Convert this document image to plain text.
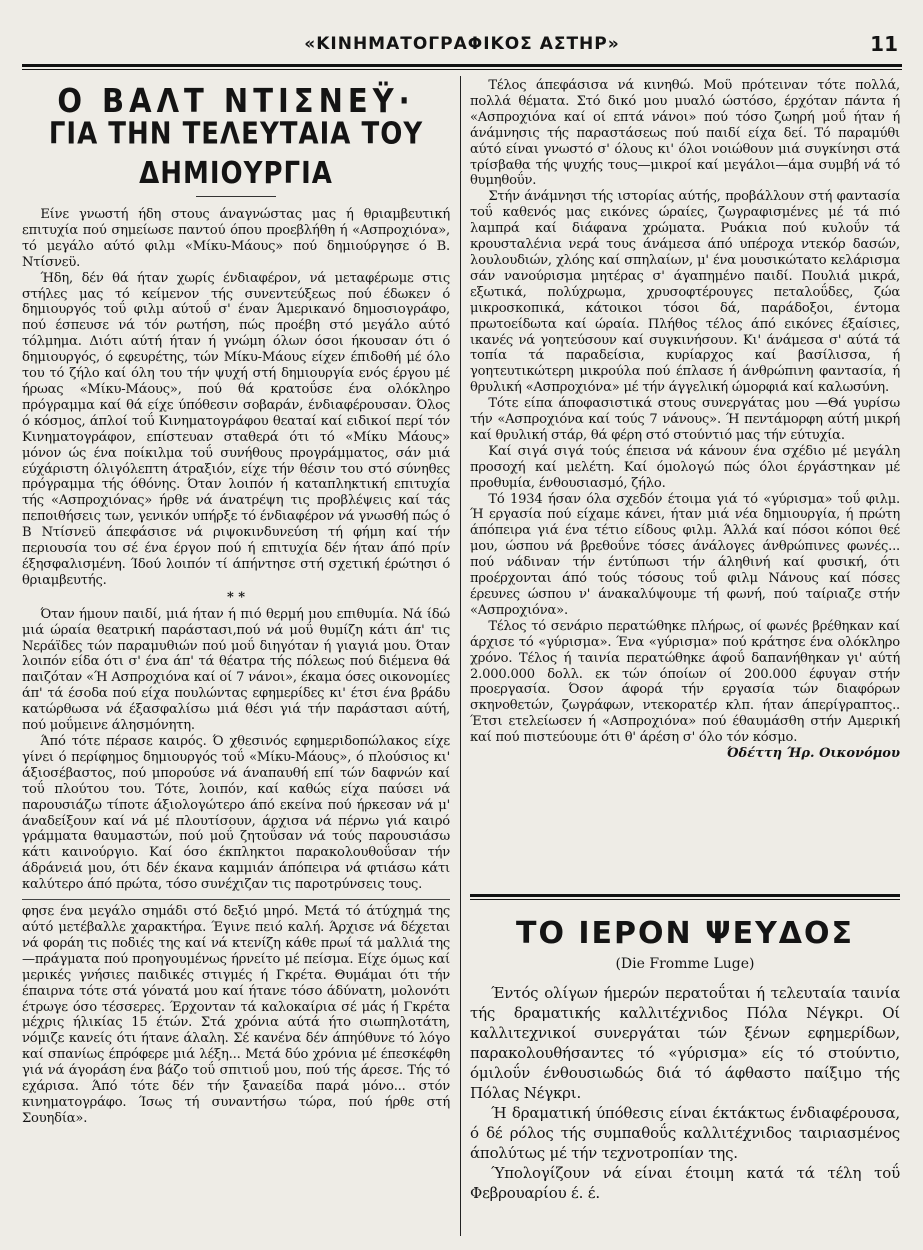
«ΚΙΝΗΜΑΤΟΓΡΑΦΙΚΟΣ ΑΣΤΗΡ»	11
Ο ΒΑΛΤ ΝΤΙΣΝΕΫ·
ΓΙΑ ΤΗΝ ΤΕΛΕΥΤΑΙΑ ΤΟΥ ΔΗΜΙΟΥΡΓΙΑ

Είνε γνωστή ήδη στους άναγνώστας μας ή θριαμβευτική επιτυχία πού σημείωσε παντού όπου προεβλήθη ή «Ασπροχιόνα», τό μεγάλο αύτό φιλμ «Μίκυ-Μάους» πού δημιούργησε ό Β. Ντίσνεϋ.

Ήδη, δέν θά ήταν χωρίς ένδιαφέρον, νά μεταφέρωμε στις στήλες μας τό κείμενον τής συνεντεύξεως πού έδωκεν ό δημιουργός τοΰ φιλμ αύτοΰ σ' έναν Άμερικανό δημοσιογράφο, πού έσπευσε νά τόν ρωτήση, πώς προέβη στό μεγάλο αύτό τόλμημα. Διότι αύτή ήταν ή γνώμη όλων όσοι ήκουσαν ότι ό δημιουργός, ό εφευρέτης, τών Μίκυ-Μάους είχεν έπιδοθή μέ όλο του τό ζήλο καί όλη του τήν ψυχή στή δημιουργία ενός έργου μέ ήρωας «Μίκυ-Μάους», πού θά κρατοΰσε ένα ολόκληρο πρόγραμμα καί θά είχε ύπόθεσιν σοβαράν, ένδιαφέρουσαν. Όλος ό κόσμος, άπλοί τοΰ Κινηματογράφου θεαταί καί ειδικοί περί τόν Κινηματογράφον, επίστευαν σταθερά ότι τό «Μίκυ Μάους» μόνον ώς ένα ποίκιλμα τοΰ συνήθους προγράμματος, σάν μιά εύχάριστη όλιγόλεπτη άτραξιόν, είχε τήν θέσιν του στό σύνηθες πρόγραμμα τής όθόνης. Όταν λοιπόν ή καταπληκτική επιτυχία τής «Ασπροχιόνας» ήρθε νά άνατρέψη τις προβλέψεις καί τάς πεποιθήσεις των, γενικόν υπήρξε τό ένδιαφέρον νά γνωσθή πώς ό Β Ντίσνεϋ άπεφάσισε νά ριψοκινδυνεύση τή φήμη καί τήν περιουσία του σέ ένα έργον πού ή επιτυχία δέν ήταν άπό πρίν έξησφαλισμένη. Ίδού λοιπόν τί άπήντησε στή σχετική έρώτησι ό θριαμβευτής.

* *

Όταν ήμουν παιδί, μιά ήταν ή πιό θερμή μου επιθυμία. Νά ίδώ μιά ώραία θεατρική παράστασι,πού νά μοΰ θυμίζη κάτι άπ' τις Νεράϊδες τών παραμυθιών πού μοΰ διηγόταν ή γιαγιά μου. Όταν λοιπόν είδα ότι σ' ένα άπ' τά θέατρα τής πόλεως πού διέμενα θά παιζόταν «Ή Ασπροχιόνα καί οί 7 νάνοι», έκαμα όσες οικονομίες άπ' τά έσοδα πού είχα πουλώντας εφημερίδες κι' έτσι ένα βράδυ κατώρθωσα νά έξασφαλίσω μιά θέσι γιά τήν παράστασι αύτή, πού μοΰμεινε άλησμόνητη.

Άπό τότε πέρασε καιρός. Ό χθεσινός εφημεριδοπώλακος είχε γίνει ό περίφημος δημιουργός τοΰ «Μίκυ-Μάους», ό πλούσιος κι' άξιοσέβαστος, πού μπορούσε νά άναπαυθή επί τών δαφνών καί τοΰ πλούτου του. Τότε, λοιπόν, καί καθώς είχα παύσει νά παρουσιάζω τίποτε άξιολογώτερο άπό εκείνα πού ήρκεσαν νά μ' άναδείξουν καί νά μέ πλουτίσουν, άρχισα νά πέρνω γιά καιρό γράμματα θαυμαστών, πού μοΰ ζητοΰσαν νά τούς παρουσιάσω κάτι καινούργιο. Καί όσο έκπληκτοι παρακολουθοΰσαν τήν άδράνειά μου, ότι δέν έκανα καμμιάν άπόπειρα νά φτιάσω κάτι καλύτερο άπό πρώτα, τόσο συνέχιζαν τις παροτρύνσεις τους.

φησε ένα μεγάλο σημάδι στό δεξιό μηρό. Μετά τό άτύχημά της αύτό μετέβαλλε χαρακτήρα. Έγινε πειό καλή. Άρχισε νά δέχεται νά φοράη τις ποδιές της καί νά κτενίζη κάθε πρωί τά μαλλιά της—πράγματα πού προηγουμένως ήρνείτο μέ πείσμα. Είχε όμως καί μερικές γνήσιες παιδικές στιγμές ή Γκρέτα. Θυμάμαι ότι τήν έπαιρνα τότε στά γόνατά μου καί ήτανε τόσο άδύνατη, μολονότι έτρωγε όσο τέσσερες. Έρχονταν τά καλοκαίρια σέ μάς ή Γκρέτα μέχρις ήλικίας 15 έτών. Στά χρόνια αύτά ήτο σιωπηλοτάτη, νόμιζε κανείς ότι ήτανε άλαλη. Σέ κανένα δέν άπηύθυνε τό λόγο καί σπανίως έπρόφερε μιά λέξη... Μετά δύο χρόνια μέ έπεσκέφθη γιά νά άγοράση ένα βάζο τοΰ σπιτιοΰ μου, πού τής άρεσε. Τής τό εχάρισα. Άπό τότε δέν τήν ξαναείδα παρά μόνο... στόν κινηματογράφο. Ίσως τή συναντήσω τώρα, πού ήρθε στή Σουηδία».

Τέλος άπεφάσισα νά κινηθώ. Μοΰ πρότειναν τότε πολλά, πολλά θέματα. Στό δικό μου μυαλό ώστόσο, έρχόταν πάντα ή «Ασπροχιόνα καί οί επτά νάνοι» πού τόσο ζωηρή μοΰ ήταν ή άνάμνησις τής παραστάσεως πού παιδί είχα δεί. Τό παραμύθι αύτό είναι γνωστό σ' όλους κι' όλοι νοιώθουν μιά συγκίνησι στά τρίσβαθα τής ψυχής τους—μικροί καί μεγάλοι—άμα συμβή νά τό θυμηθοΰν.

Στήν άνάμνησι τής ιστορίας αύτής, προβάλλουν στή φαντασία τοΰ καθενός μας εικόνες ώραίες, ζωγραφισμένες μέ τά πιό λαμπρά καί διάφανα χρώματα. Ρυάκια πού κυλοΰν τά κρουσταλένια νερά τους άνάμεσα άπό υπέροχα ντεκόρ δασών, λουλουδιών, χλόης καί σπηλαίων, μ' ένα μουσικώτατο κελάρισμα σάν νανούρισμα μητέρας σ' άγαπημένο παιδί. Πουλιά μικρά, εξωτικά, πολύχρωμα, χρυσοφτέρουγες πεταλοΰδες, ζώα μικροσκοπικά, κάτοικοι τόσοι δά, παράδοξοι, έντομα πρωτοείδωτα καί ώραία. Πλήθος τέλος άπό εικόνες έξαίσιες, ικανές νά γοητεύσουν καί συγκινήσουν. Κι' άνάμεσα σ' αύτά τά τοπία τά παραδείσια, κυρίαρχος καί βασίλισσα, ή γοητευτικώτερη μικρούλα πού έπλασε ή άνθρώπινη φαντασία, ή θρυλική «Ασπροχιόνα» μέ τήν άγγελική ώμορφιά καί καλωσύνη.

Τότε είπα άποφασιστικά στους συνεργάτας μου —Θά γυρίσω τήν «Ασπροχιόνα καί τούς 7 νάνους». Ή πεντάμορφη αύτή μικρή καί θρυλική στάρ, θά φέρη στό στούντιό μας τήν εύτυχία.

Καί σιγά σιγά τούς έπεισα νά κάνουν ένα σχέδιο μέ μεγάλη προσοχή καί μελέτη. Καί όμολογώ πώς όλοι έργάστηκαν μέ προθυμία, ένθουσιασμό, ζήλο.

Τό 1934 ήσαν όλα σχεδόν έτοιμα γιά τό «γύρισμα» τοΰ φιλμ. Ή εργασία πού είχαμε κάνει, ήταν μιά νέα δημιουργία, ή πρώτη άπόπειρα γιά ένα τέτιο είδους φιλμ. Άλλά καί πόσοι κόποι θεέ μου, ώσπου νά βρεθοΰνε τόσες άνάλογες άνθρώπινες φωνές... πού νάδιναν τήν έντύπωσι τήν άληθινή καί φυσική, ότι προέρχονται άπό τούς τόσους τοΰ φιλμ Νάνους καί πόσες έρευνες ώσπου ν' άνακαλύψουμε τή φωνή, πού ταίριαζε στήν «Ασπροχιόνα».

Τέλος τό σενάριο περατώθηκε πλήρως, οί φωνές βρέθηκαν καί άρχισε τό «γύρισμα». Ένα «γύρισμα» πού κράτησε ένα ολόκληρο χρόνο. Τέλος ή ταινία περατώθηκε άφοΰ δαπανήθηκαν γι' αύτή 2.000.000 δολλ. εκ τών όποίων οί 200.000 έφυγαν στήν προεργασία. Όσον άφορά τήν εργασία τών διαφόρων σκηνοθετών, ζωγράφων, ντεκορατέρ κλπ. ήταν άπερίγραπτος.. Έτσι ετελείωσεν ή «Ασπροχιόνα» πού έθαυμάσθη στήν Αμερική καί πού πιστεύουμε ότι θ' άρέση σ' όλο τόν κόσμο.

Όδέττη Ήρ. Οικονόμου
ΤΟ ΙΕΡΟΝ ΨΕΥΔΟΣ
(Die Fromme Luge)

Έντός ολίγων ήμερών περατοΰται ή τελευταία ταινία τής δραματικής καλλιτέχνιδος Πόλα Νέγκρι. Οί καλλιτεχνικοί συνεργάται τών ξένων εφημερίδων, παρακολουθήσαντες τό «γύρισμα» είς τό στούντιο, όμιλοΰν ένθουσιωδώς διά τό άφθαστο παίξιμο τής Πόλας Νέγκρι.

Ή δραματική ύπόθεσις είναι έκτάκτως ένδιαφέρουσα, ό δέ ρόλος τής συμπαθοΰς καλλιτέχνιδος ταιριασμένος άπολύτως μέ τήν τεχνοτροπίαν της.

Ύπολογίζουν νά είναι έτοιμη κατά τά τέλη τοΰ Φεβρουαρίου έ. έ.
